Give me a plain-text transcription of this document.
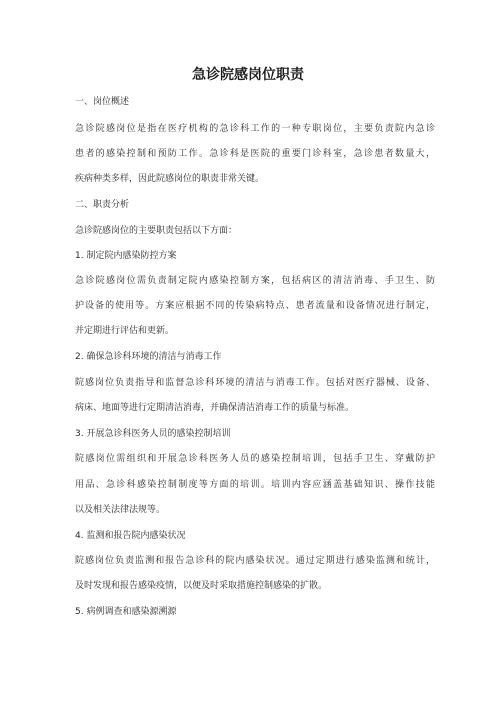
急诊院感岗位职责
一、岗位概述
急诊院感岗位是指在医疗机构的急诊科工作的一种专职岗位，主要负责院内急诊
患者的感染控制和预防工作。急诊科是医院的重要门诊科室，急诊患者数量大，
疾病种类多样，因此院感岗位的职责非常关键。
二、职责分析
急诊院感岗位的主要职责包括以下方面：
1. 制定院内感染防控方案
急诊院感岗位需负责制定院内感染控制方案，包括病区的清洁消毒、手卫生、防
护设备的使用等。方案应根据不同的传染病特点、患者流量和设备情况进行制定，
并定期进行评估和更新。
2. 确保急诊科环境的清洁与消毒工作
院感岗位负责指导和监督急诊科环境的清洁与消毒工作。包括对医疗器械、设备、
病床、地面等进行定期清洁消毒，并确保清洁消毒工作的质量与标准。
3. 开展急诊科医务人员的感染控制培训
院感岗位需组织和开展急诊科医务人员的感染控制培训，包括手卫生、穿戴防护
用品、急诊科感染控制制度等方面的培训。培训内容应涵盖基础知识、操作技能
以及相关法律法规等。
4. 监测和报告院内感染状况
院感岗位负责监测和报告急诊科的院内感染状况。通过定期进行感染监测和统计，
及时发现和报告感染疫情，以便及时采取措施控制感染的扩散。
5. 病例调查和感染源溯源
